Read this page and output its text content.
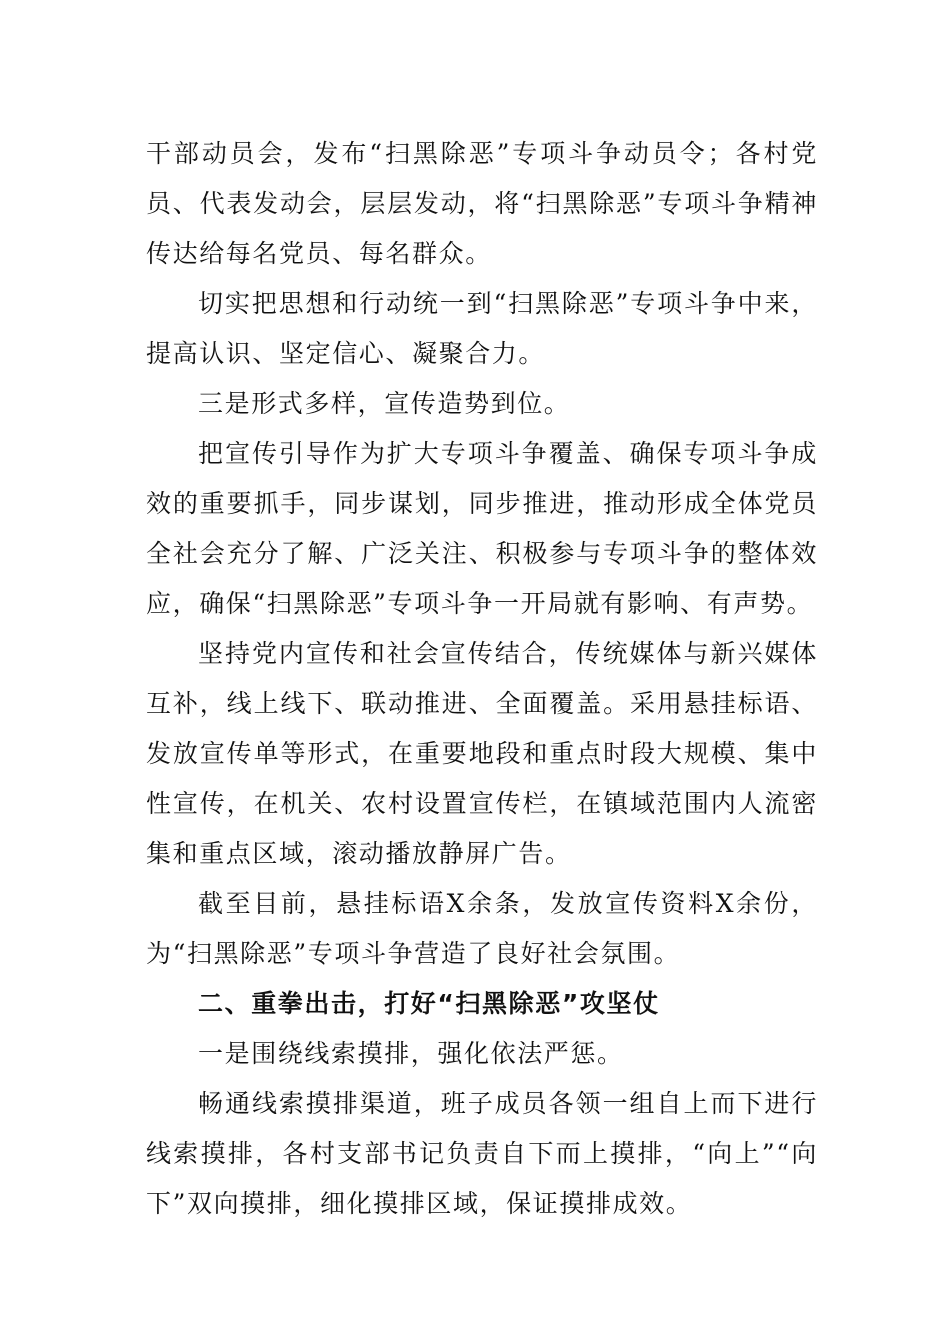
干部动员会，发布“扫黑除恶”专项斗争动员令；各村党员、代表发动会，层层发动，将“扫黑除恶”专项斗争精神传达给每名党员、每名群众。

切实把思想和行动统一到“扫黑除恶”专项斗争中来，提高认识、坚定信心、凝聚合力。

三是形式多样，宣传造势到位。

把宣传引导作为扩大专项斗争覆盖、确保专项斗争成效的重要抓手，同步谋划，同步推进，推动形成全体党员全社会充分了解、广泛关注、积极参与专项斗争的整体效应，确保“扫黑除恶”专项斗争一开局就有影响、有声势。

坚持党内宣传和社会宣传结合，传统媒体与新兴媒体互补，线上线下、联动推进、全面覆盖。采用悬挂标语、发放宣传单等形式，在重要地段和重点时段大规模、集中性宣传，在机关、农村设置宣传栏，在镇域范围内人流密集和重点区域，滚动播放静屏广告。

截至目前，悬挂标语X余条，发放宣传资料X余份，为“扫黑除恶”专项斗争营造了良好社会氛围。

二、重拳出击，打好“扫黑除恶”攻坚仗

一是围绕线索摸排，强化依法严惩。

畅通线索摸排渠道，班子成员各领一组自上而下进行线索摸排，各村支部书记负责自下而上摸排，“向上”“向下”双向摸排，细化摸排区域，保证摸排成效。
